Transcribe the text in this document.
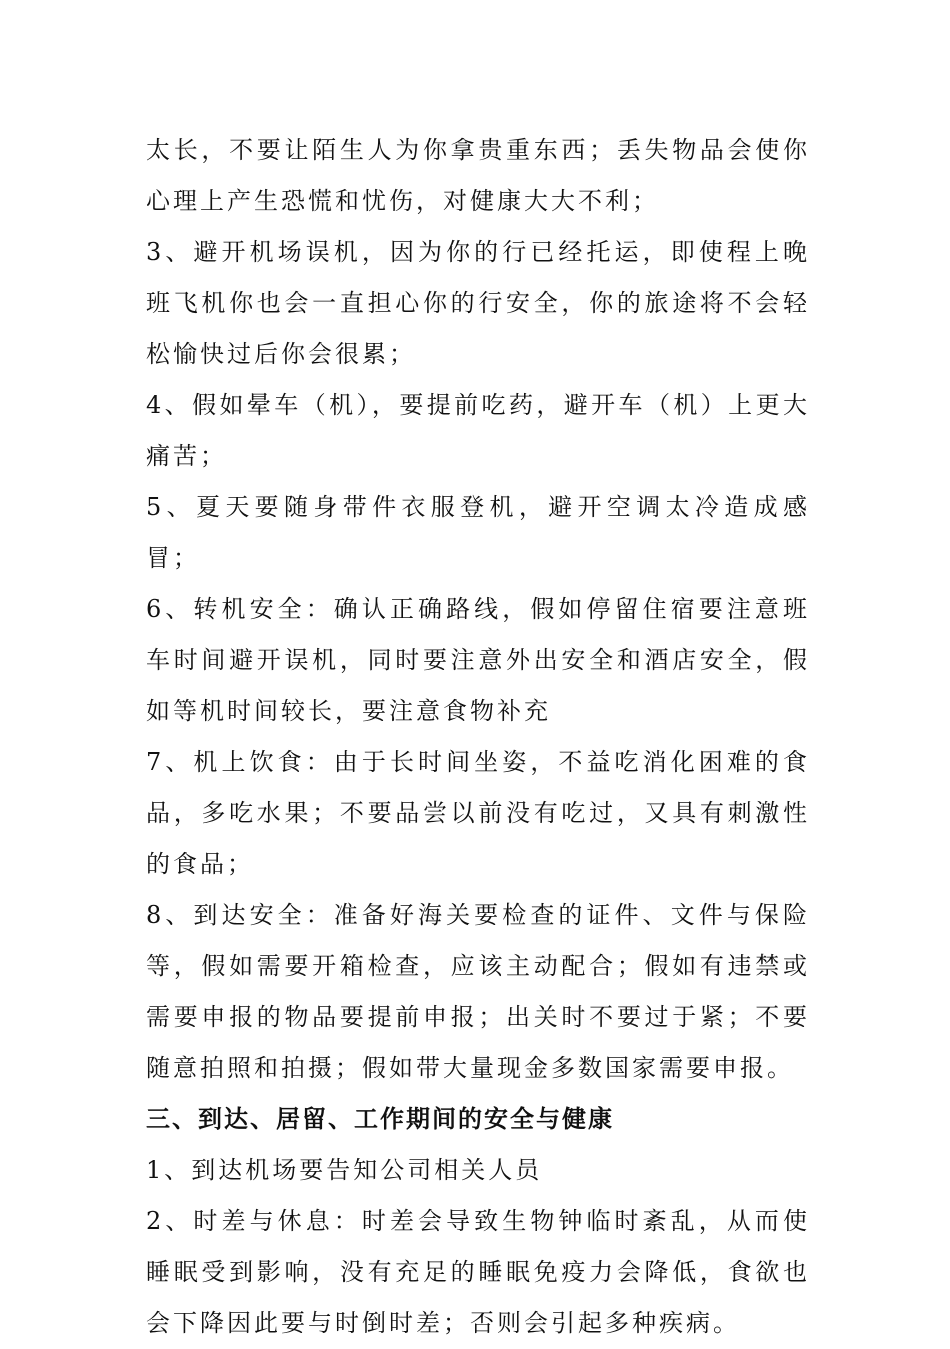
太长，不要让陌生人为你拿贵重东西；丢失物品会使你心理上产生恐慌和忧伤，对健康大大不利；

3、避开机场误机，因为你的行已经托运，即使程上晚班飞机你也会一直担心你的行安全，你的旅途将不会轻松愉快过后你会很累；

4、假如晕车（机），要提前吃药，避开车（机）上更大痛苦；

5、夏天要随身带件衣服登机，避开空调太冷造成感冒；

6、转机安全：确认正确路线，假如停留住宿要注意班车时间避开误机，同时要注意外出安全和酒店安全，假如等机时间较长，要注意食物补充

7、机上饮食：由于长时间坐姿，不益吃消化困难的食品，多吃水果；不要品尝以前没有吃过，又具有刺激性的食品；

8、到达安全：准备好海关要检查的证件、文件与保险等，假如需要开箱检查，应该主动配合；假如有违禁或需要申报的物品要提前申报；出关时不要过于紧；不要随意拍照和拍摄；假如带大量现金多数国家需要申报。

三、到达、居留、工作期间的安全与健康

1、到达机场要告知公司相关人员

2、时差与休息：时差会导致生物钟临时紊乱，从而使睡眠受到影响，没有充足的睡眠免疫力会降低，食欲也会下降因此要与时倒时差；否则会引起多种疾病。
